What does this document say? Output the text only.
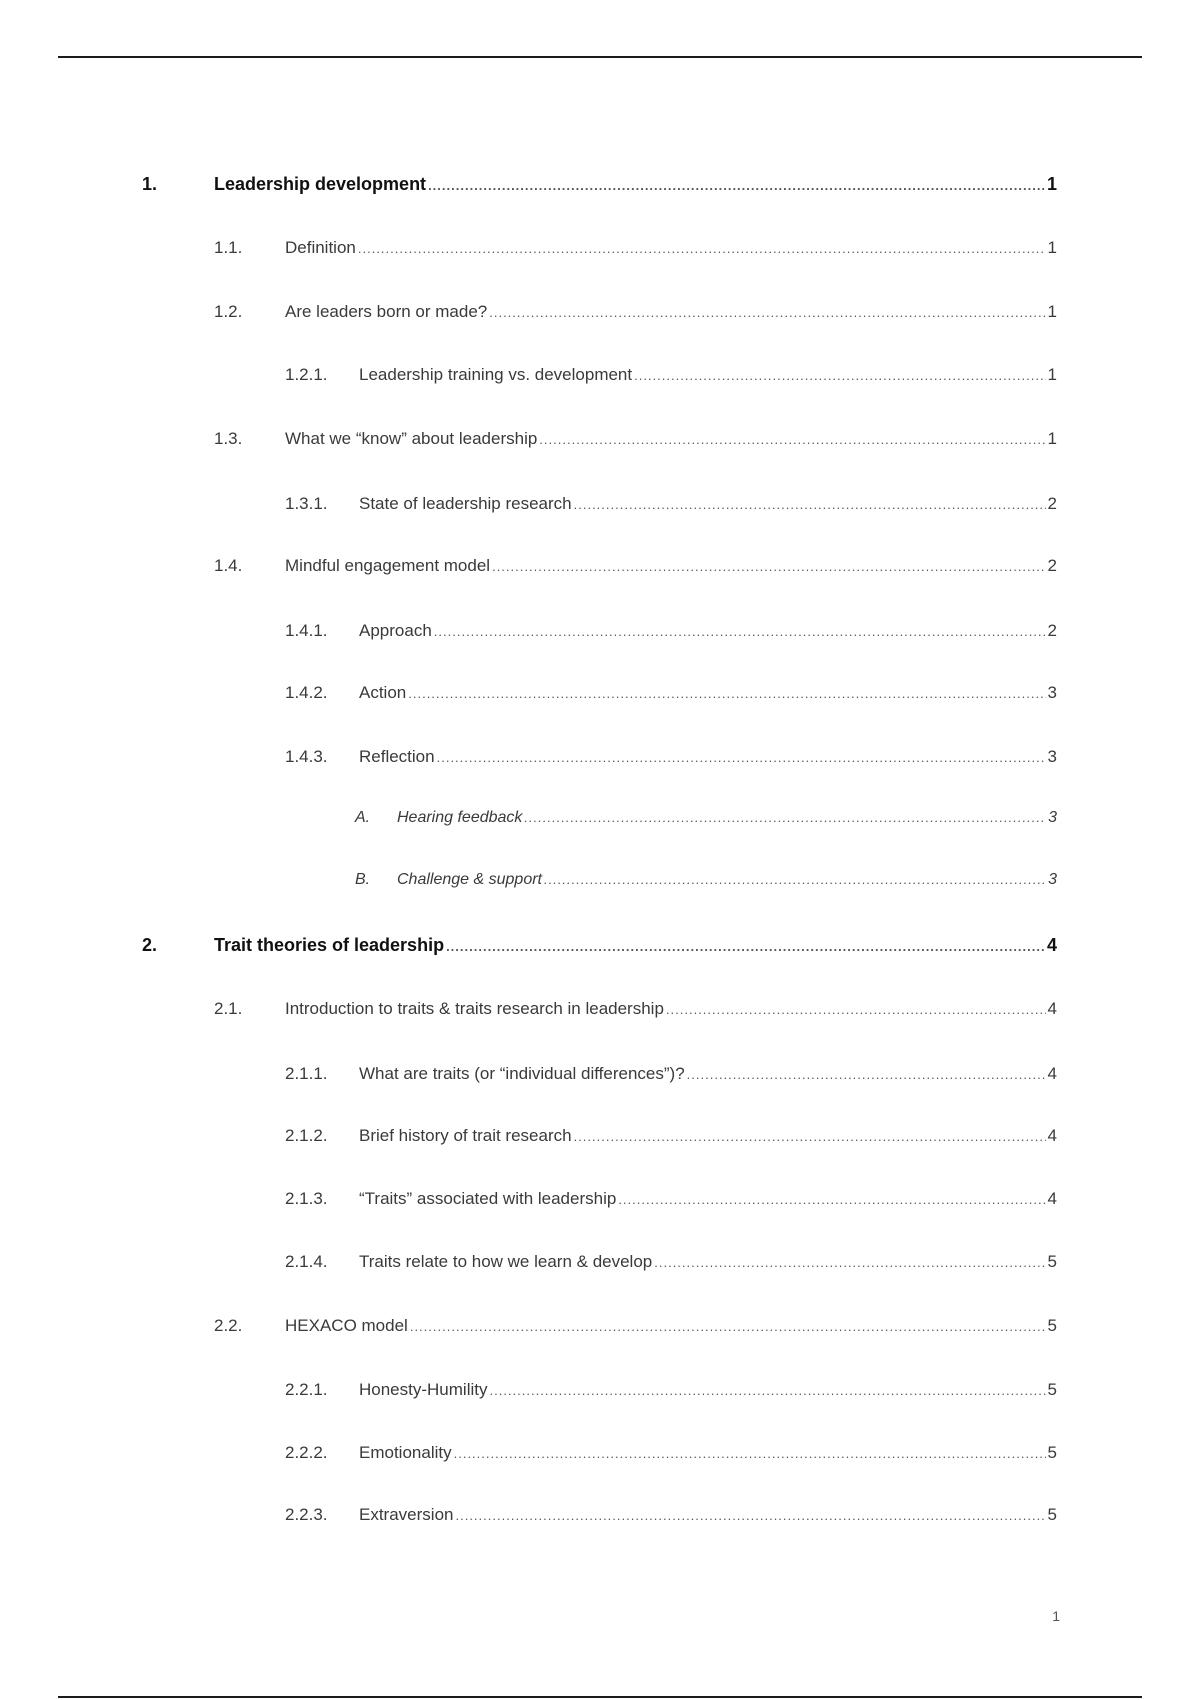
1.	Leadership development .....	1
1.1.	Definition .....	1
1.2.	Are leaders born or made? .....	1
1.2.1.	Leadership training vs. development .....	1
1.3.	What we “know” about leadership .....	1
1.3.1.	State of leadership research .....	2
1.4.	Mindful engagement model .....	2
1.4.1.	Approach .....	2
1.4.2.	Action .....	3
1.4.3.	Reflection .....	3
A.	Hearing feedback .....	3
B.	Challenge & support .....	3
2.	Trait theories of leadership .....	4
2.1.	Introduction to traits & traits research in leadership .....	4
2.1.1.	What are traits (or “individual differences”)? .....	4
2.1.2.	Brief history of trait research .....	4
2.1.3.	“Traits” associated with leadership .....	4
2.1.4.	Traits relate to how we learn & develop .....	5
2.2.	HEXACO model .....	5
2.2.1.	Honesty-Humility .....	5
2.2.2.	Emotionality .....	5
2.2.3.	Extraversion .....	5
1
